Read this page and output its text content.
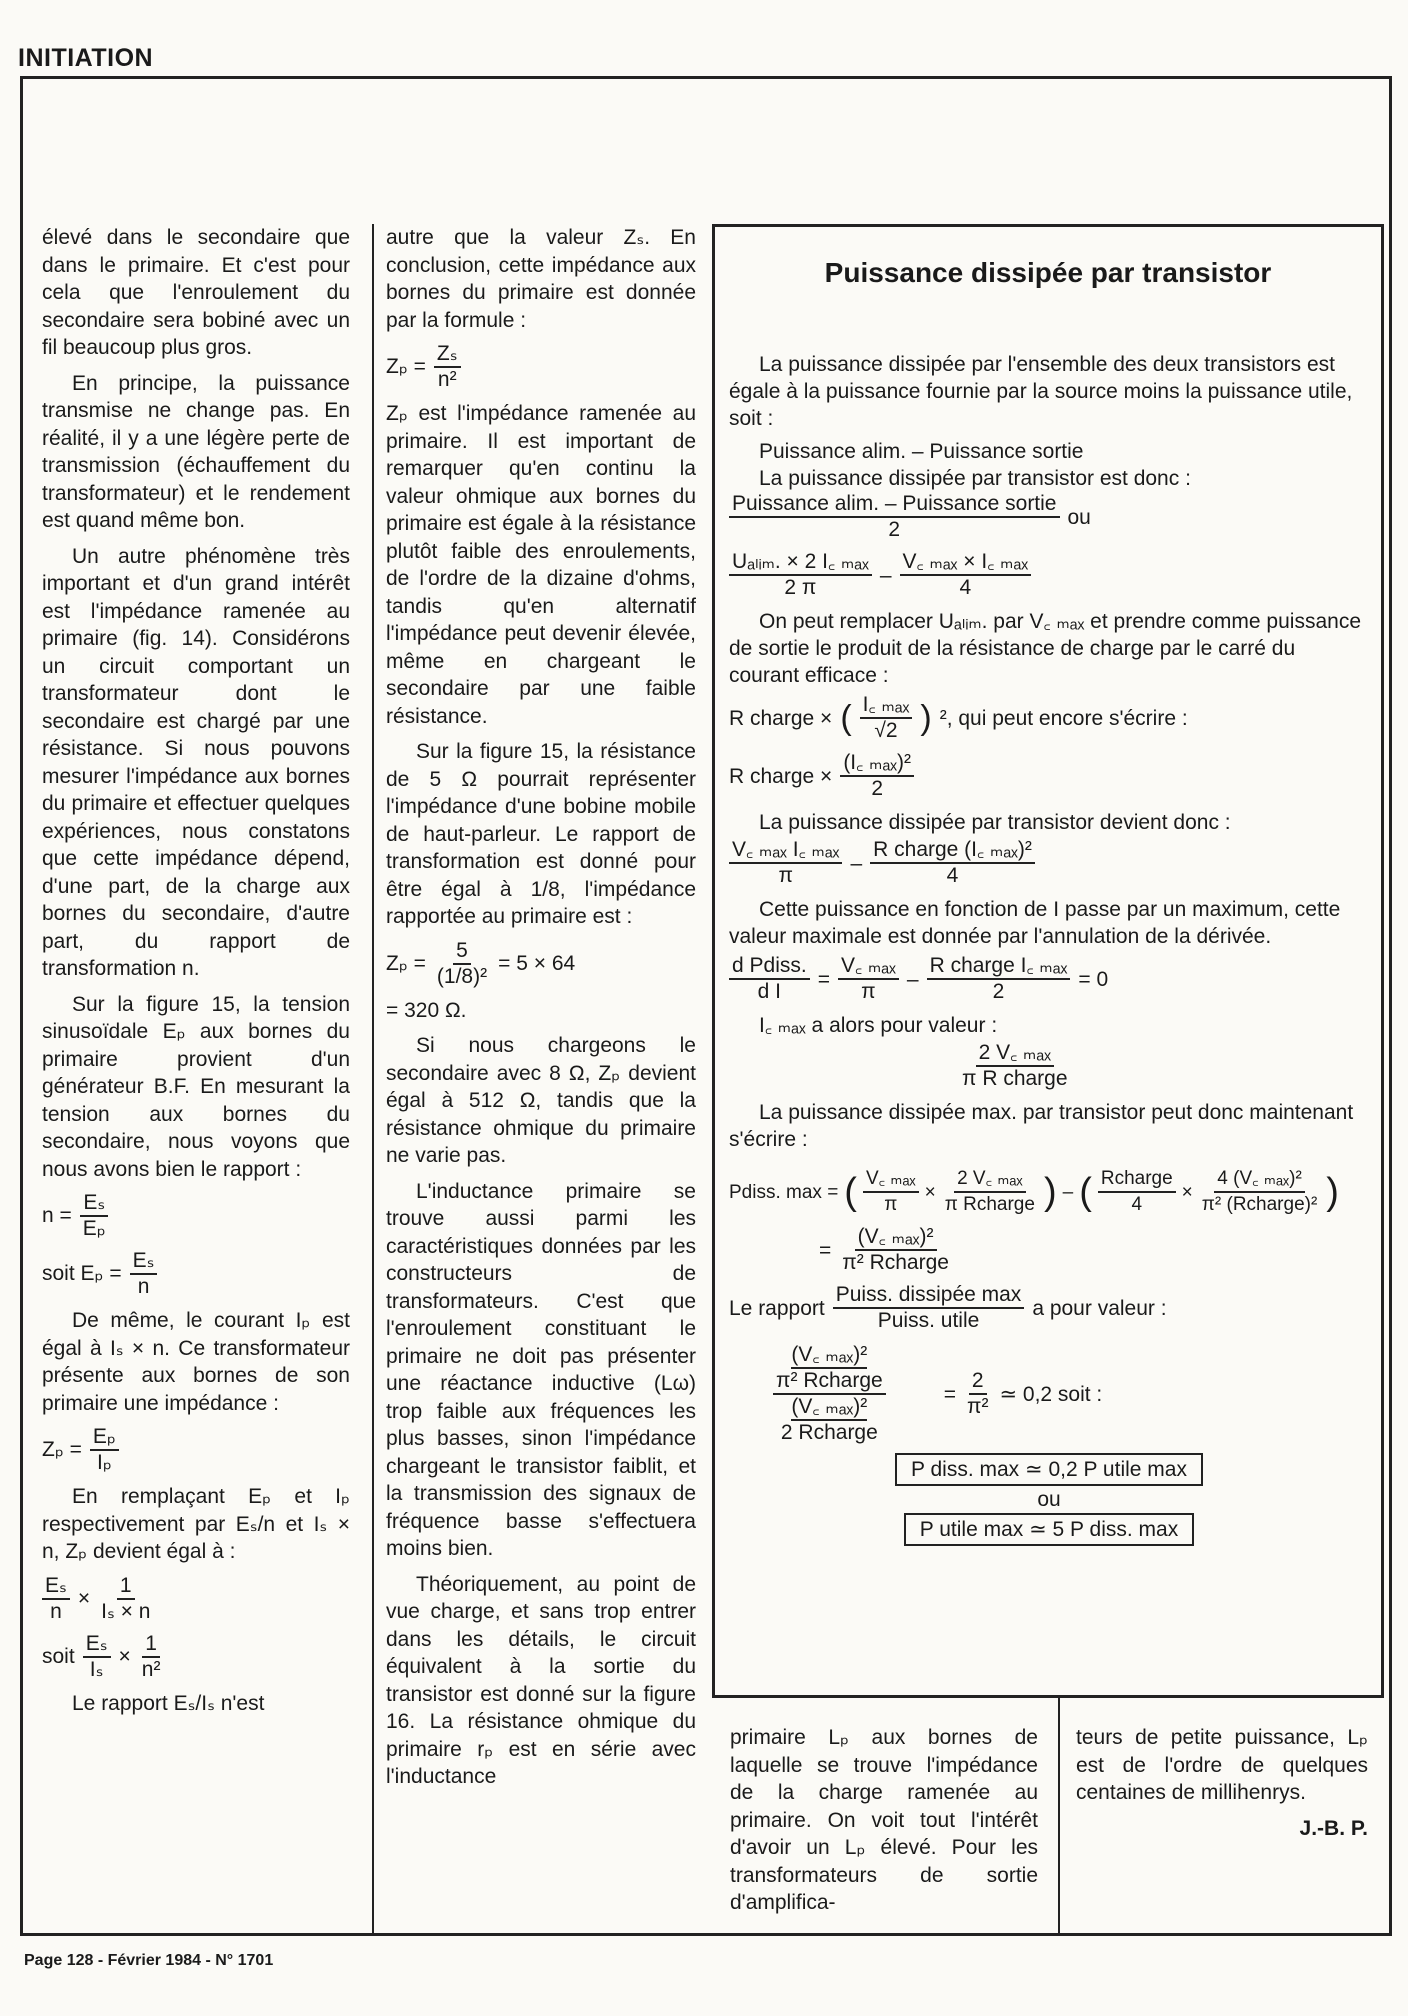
INITIATION

élevé dans le secondaire que dans le primaire. Et c'est pour cela que l'enroulement du secondaire sera bobiné avec un fil beaucoup plus gros.

En principe, la puissance transmise ne change pas. En réalité, il y a une légère perte de transmission (échauffement du transformateur) et le rendement est quand même bon.

Un autre phénomène très important et d'un grand intérêt est l'impédance ramenée au primaire (fig. 14). Considérons un circuit comportant un transformateur dont le secondaire est chargé par une résistance. Si nous pouvons mesurer l'impédance aux bornes du primaire et effectuer quelques expériences, nous constatons que cette impédance dépend, d'une part, de la charge aux bornes du secondaire, d'autre part, du rapport de transformation n.

Sur la figure 15, la tension sinusoïdale Eₚ aux bornes du primaire provient d'un générateur B.F. En mesurant la tension aux bornes du secondaire, nous voyons que nous avons bien le rapport :

$n = \frac{\text{Eₛ}}{\text{Eₚ}}$
soit $E_p = \frac{\text{Eₛ}}{n}$

De même, le courant Iₚ est égal à Iₛ × n. Ce transformateur présente aux bornes de son primaire une impédance :

$Z_p = \frac{\text{Eₚ}}{\text{Iₚ}}$

En remplaçant Eₚ et Iₚ respectivement par Eₛ/n et Iₛ × n, Zₚ devient égal à :

$\frac{\text{Eₛ}}{n} \times \frac{1}{\text{Iₛ × n}}$
soit $\frac{\text{Eₛ}}{\text{Iₛ}} \times \frac{1}{\text{n²}}$

Le rapport Eₛ/Iₛ n'est

autre que la valeur Zₛ. En conclusion, cette impédance aux bornes du primaire est donnée par la formule :

$Z_p = \frac{\text{Zₛ}}{\text{n²}}$

Zₚ est l'impédance ramenée au primaire. Il est important de remarquer qu'en continu la valeur ohmique aux bornes du primaire est égale à la résistance plutôt faible des enroulements, de l'ordre de la dizaine d'ohms, tandis qu'en alternatif l'impédance peut devenir élevée, même en chargeant le secondaire par une faible résistance.

Sur la figure 15, la résistance de 5 Ω pourrait représenter l'impédance d'une bobine mobile de haut-parleur. Le rapport de transformation est donné pour être égal à 1/8, l'impédance rapportée au primaire est :

$Z_p = \frac{5}{\text{(1/8)²}} = 5 \times 64$

= 320 Ω.

Si nous chargeons le secondaire avec 8 Ω, Zₚ devient égal à 512 Ω, tandis que la résistance ohmique du primaire ne varie pas.

L'inductance primaire se trouve aussi parmi les caractéristiques données par les constructeurs de transformateurs. C'est que l'enroulement constituant le primaire ne doit pas présenter une réactance inductive (Lω) trop faible aux fréquences les plus basses, sinon l'impédance chargeant le transistor faiblit, et la transmission des signaux de fréquence basse s'effectuera moins bien.

Théoriquement, au point de vue charge, et sans trop entrer dans les détails, le circuit équivalent à la sortie du transistor est donné sur la figure 16. La résistance ohmique du primaire rₚ est en série avec l'inductance

Puissance dissipée par transistor

La puissance dissipée par l'ensemble des deux transistors est égale à la puissance fournie par la source moins la puissance utile, soit :

Puissance alim. – Puissance sortie

La puissance dissipée par transistor est donc :

$\frac{\text{Puissance alim. – Puissance sortie}}{2}$ ou
$\frac{\text{Uₐₗᵢₘ. × 2 I꜀ ₘₐₓ}}{2 \pi} - \frac{\text{V꜀ ₘₐₓ × I꜀ ₘₐₓ}}{4}$

On peut remplacer Uₐₗᵢₘ. par V꜀ ₘₐₓ et prendre comme puissance de sortie le produit de la résistance de charge par le carré du courant efficace :

R charge × ( $\frac{\text{I꜀ ₘₐₓ}}{√2}$ ) ², qui peut encore s'écrire :
R charge × $\frac{\text{(I꜀ ₘₐₓ)²}}{2}$

La puissance dissipée par transistor devient donc :

$\frac{\text{V꜀ ₘₐₓ I꜀ ₘₐₓ}}{\pi} - \frac{\text{R charge (I꜀ ₘₐₓ)²}}{4}$

Cette puissance en fonction de I passe par un maximum, cette valeur maximale est donnée par l'annulation de la dérivée.

$\frac{\text{d Pdiss.}}{\text{d I}} = \frac{\text{V꜀ ₘₐₓ}}{\pi} - \frac{\text{R charge I꜀ ₘₐₓ}}{2} = 0$

I꜀ ₘₐₓ a alors pour valeur :

$\frac{\text{2 V꜀ ₘₐₓ}}{\text{π R charge}}$

La puissance dissipée max. par transistor peut donc maintenant s'écrire :

Pdiss. max = ( $\frac{\text{V꜀ ₘₐₓ}}{\pi} \times \frac{\text{2 V꜀ ₘₐₓ}}{\text{π Rcharge}}$ ) – ( $\frac{\text{Rcharge}}{4} \times \frac{\text{4 (V꜀ ₘₐₓ)²}}{\text{π² (Rcharge)²}}$ )
= $\frac{\text{(V꜀ ₘₐₓ)²}}{\text{π² Rcharge}}$
Le rapport $\frac{\text{Puiss. dissipée max}}{\text{Puiss. utile}}$ a pour valeur :
(V꜀ ₘₐₓ)²
π² Rcharge
(V꜀ ₘₐₓ)²
2 Rcharge	= $\frac{2}{\text{π²}}$ ≃ 0,2 soit :
P diss. max ≃ 0,2 P utile max
ou
P utile max ≃ 5 P diss. max

primaire Lₚ aux bornes de laquelle se trouve l'impédance de la charge ramenée au primaire. On voit tout l'intérêt d'avoir un Lₚ élevé. Pour les transformateurs de sortie d'amplifica-

teurs de petite puissance, Lₚ est de l'ordre de quelques centaines de millihenrys.

J.-B. P.

Page 128 - Février 1984 - N° 1701
